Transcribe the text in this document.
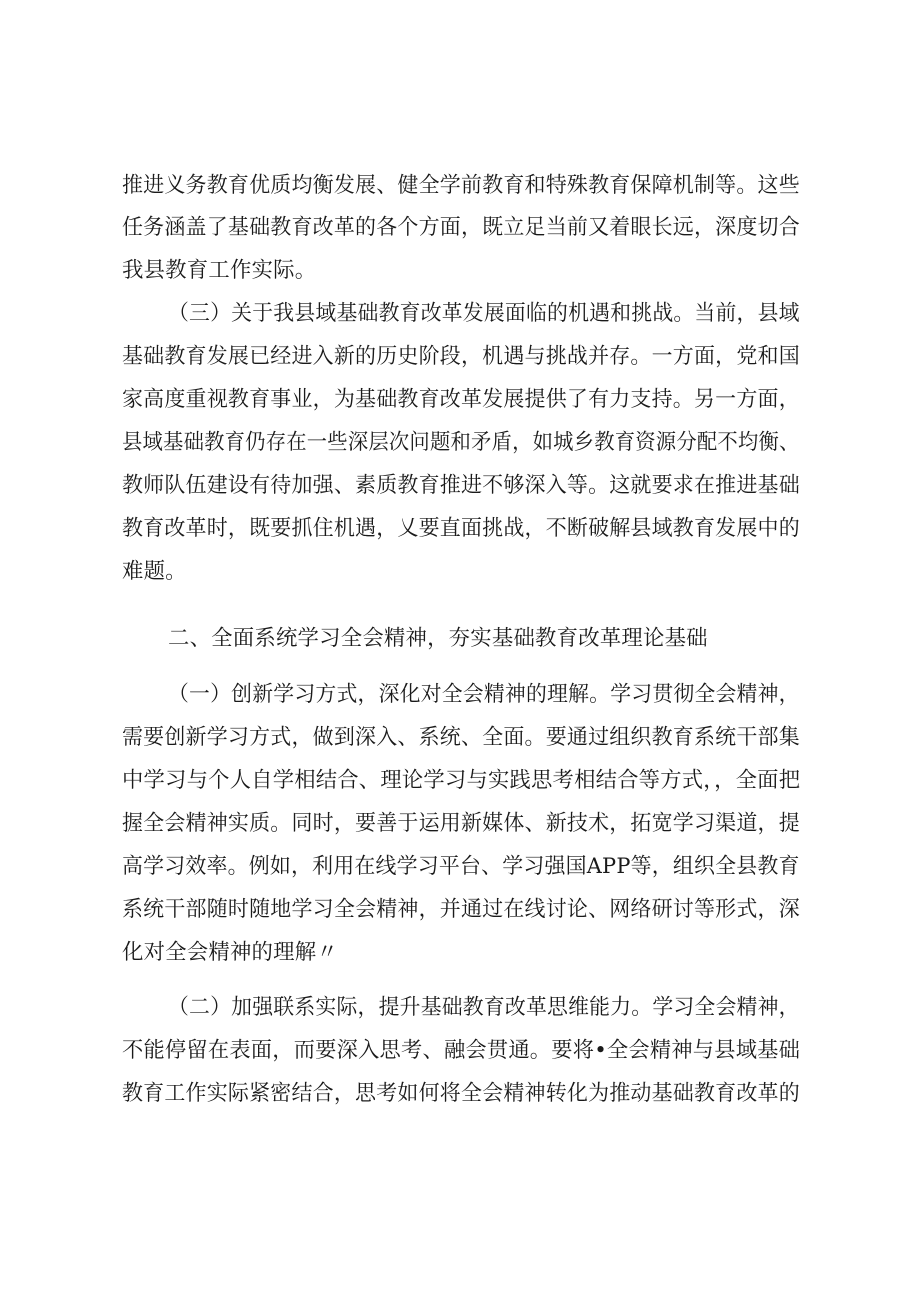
推进义务教育优质均衡发展、健全学前教育和特殊教育保障机制等。这些

任务涵盖了基础教育改革的各个方面，既立足当前又着眼长远，深度切合

我县教育工作实际。

（三）关于我县域基础教育改革发展面临的机遇和挑战。当前，县域

基础教育发展已经进入新的历史阶段，机遇与挑战并存。一方面，党和国

家高度重视教育事业，为基础教育改革发展提供了有力支持。另一方面，

县域基础教育仍存在一些深层次问题和矛盾，如城乡教育资源分配不均衡、

教师队伍建设有待加强、素质教育推进不够深入等。这就要求在推进基础

教育改革时，既要抓住机遇，乂要直面挑战，不断破解县域教育发展中的

难题。

二、全面系统学习全会精神，夯实基础教育改革理论基础

（一）创新学习方式，深化对全会精神的理解。学习贯彻全会精神，

需要创新学习方式，做到深入、系统、全面。要通过组织教育系统干部集

中学习与个人自学相结合、理论学习与实践思考相结合等方式，，全面把

握全会精神实质。同时，要善于运用新媒体、新技术，拓宽学习渠道，提

高学习效率。例如，利用在线学习平台、学习强国APP等，组织全县教育

系统干部随时随地学习全会精神，并通过在线讨论、网络研讨等形式，深

化对全会精神的理解〃

（二）加强联系实际，提升基础教育改革思维能力。学习全会精神，

不能停留在表面，而要深入思考、融会贯通。要将•全会精神与县域基础

教育工作实际紧密结合，思考如何将全会精神转化为推动基础教育改革的
